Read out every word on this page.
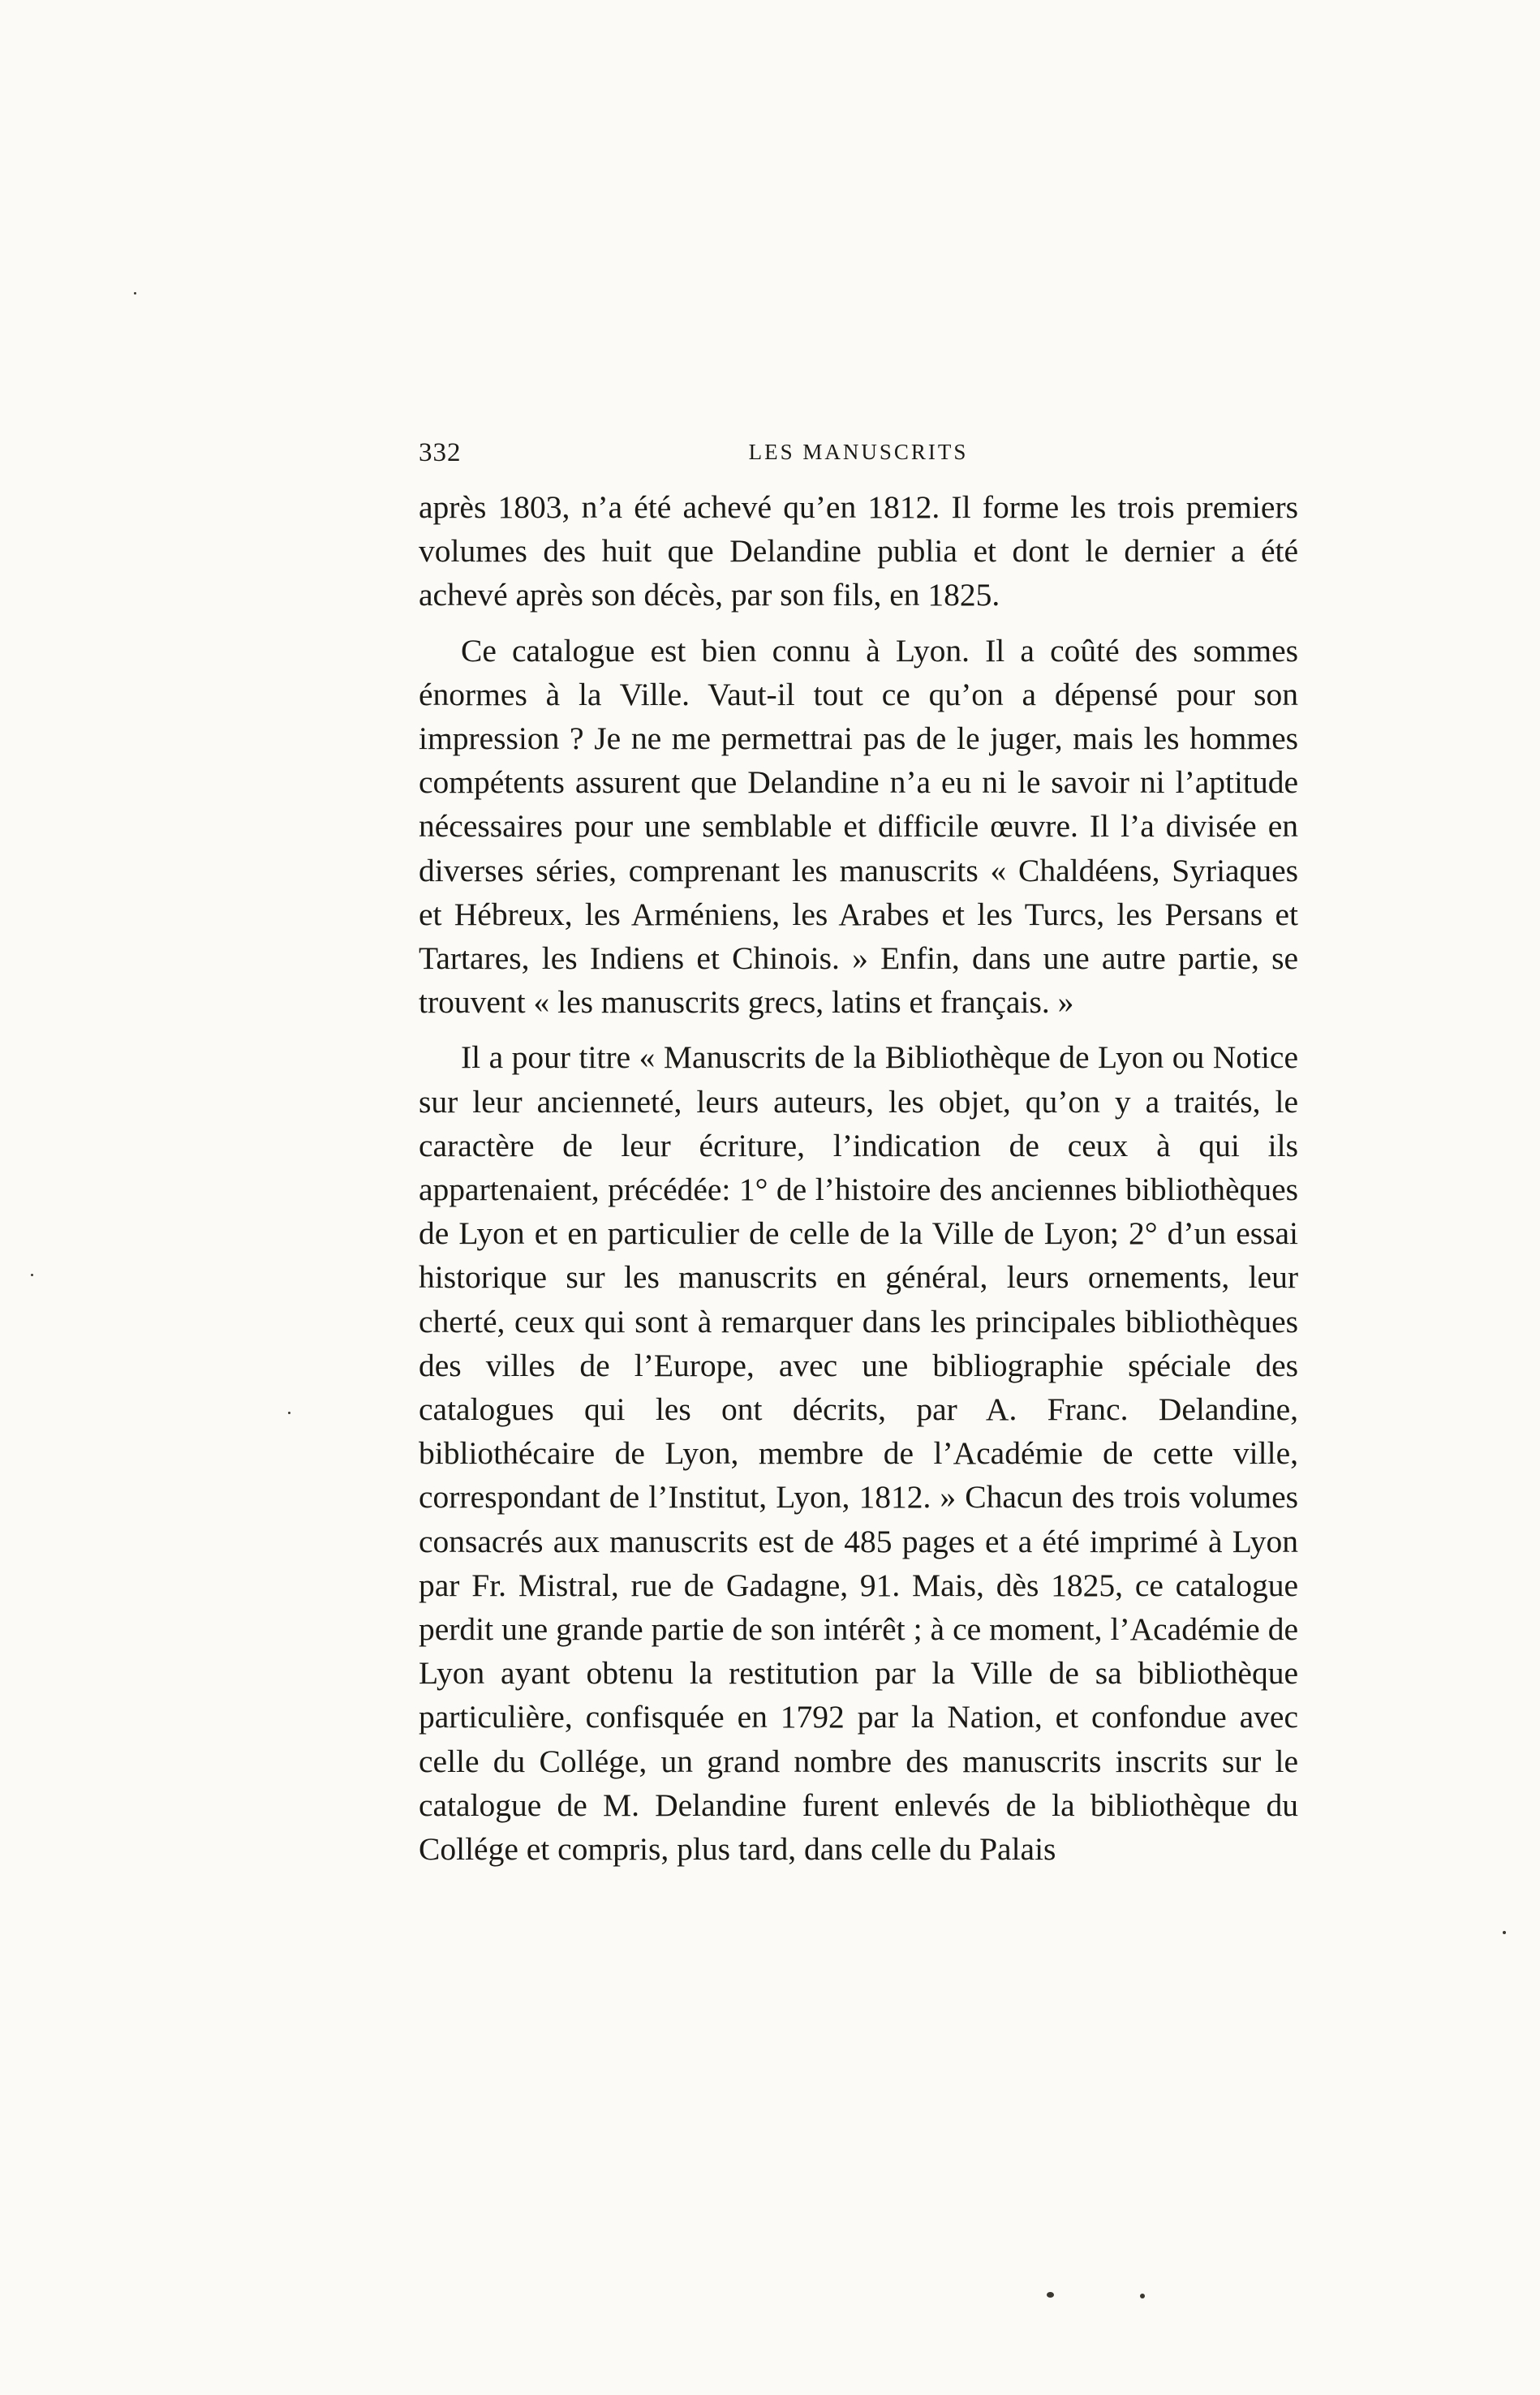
332	LES MANUSCRITS

après 1803, n’a été achevé qu’en 1812. Il forme les trois premiers volumes des huit que Delandine publia et dont le dernier a été achevé après son décès, par son fils, en 1825.

Ce catalogue est bien connu à Lyon. Il a coûté des sommes énormes à la Ville. Vaut-il tout ce qu’on a dépensé pour son impression ? Je ne me permettrai pas de le juger, mais les hommes compétents assurent que Delandine n’a eu ni le savoir ni l’aptitude nécessaires pour une semblable et difficile œuvre. Il l’a divisée en diverses séries, comprenant les manuscrits « Chaldéens, Syriaques et Hébreux, les Arméniens, les Arabes et les Turcs, les Persans et Tartares, les Indiens et Chinois. » Enfin, dans une autre partie, se trouvent « les manuscrits grecs, latins et français. »

Il a pour titre « Manuscrits de la Bibliothèque de Lyon ou Notice sur leur ancienneté, leurs auteurs, les objet, qu’on y a traités, le caractère de leur écriture, l’indication de ceux à qui ils appartenaient, précédée: 1° de l’histoire des anciennes bibliothèques de Lyon et en particulier de celle de la Ville de Lyon; 2° d’un essai historique sur les manuscrits en général, leurs ornements, leur cherté, ceux qui sont à remarquer dans les principales bibliothèques des villes de l’Europe, avec une bibliographie spéciale des catalogues qui les ont décrits, par A. Franc. Delandine, bibliothécaire de Lyon, membre de l’Académie de cette ville, correspondant de l’Institut, Lyon, 1812. » Chacun des trois volumes consacrés aux manuscrits est de 485 pages et a été imprimé à Lyon par Fr. Mistral, rue de Gadagne, 91. Mais, dès 1825, ce catalogue perdit une grande partie de son intérêt ; à ce moment, l’Académie de Lyon ayant obtenu la restitution par la Ville de sa bibliothèque particulière, confisquée en 1792 par la Nation, et confondue avec celle du Collége, un grand nombre des manuscrits inscrits sur le catalogue de M. Delandine furent enlevés de la bibliothèque du Collége et compris, plus tard, dans celle du Palais
